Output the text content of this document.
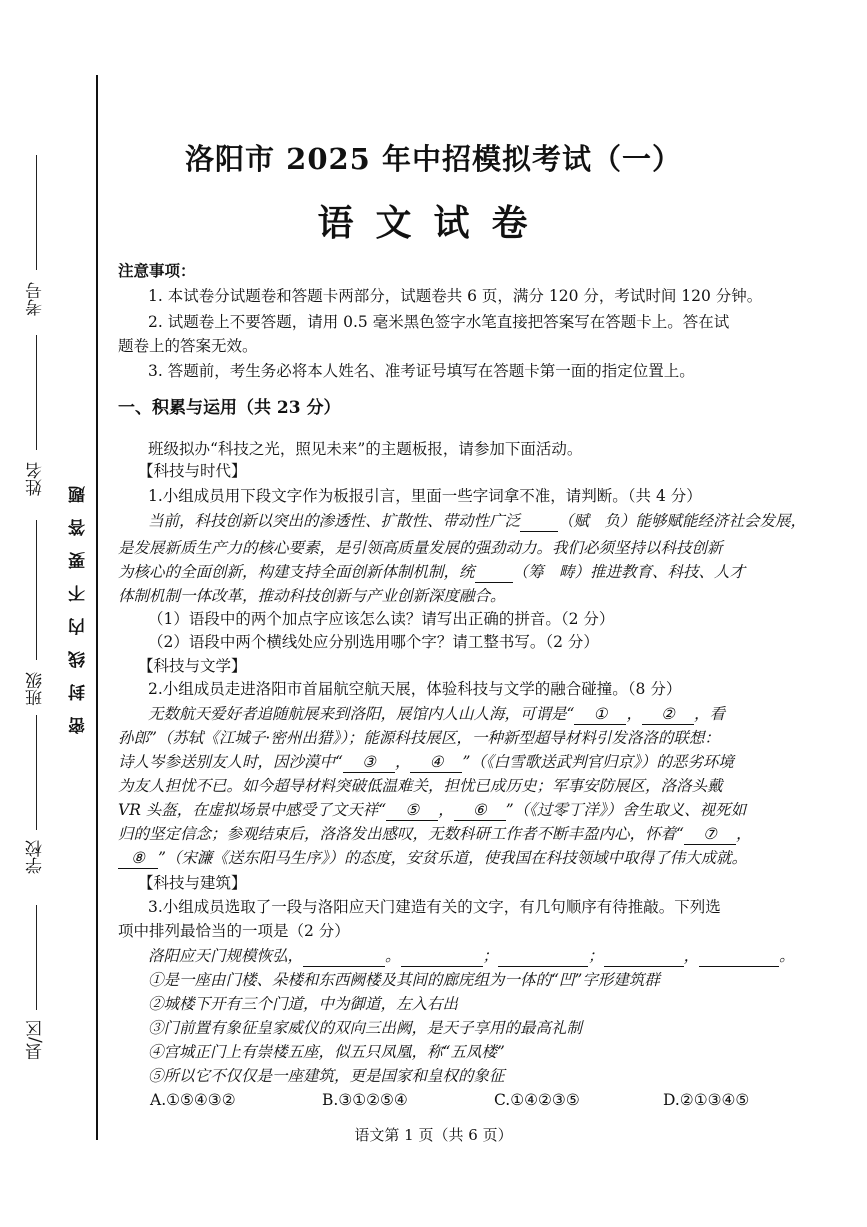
考号
姓名
班级
学校
县/区
密封线内不要答题
洛阳市 2025 年中招模拟考试（一）
语文试卷
注意事项：
1. 本试卷分试题卷和答题卡两部分，试题卷共 6 页，满分 120 分，考试时间 120 分钟。
2. 试题卷上不要答题，请用 0.5 毫米黑色签字水笔直接把答案写在答题卡上。答在试
题卷上的答案无效。
3. 答题前，考生务必将本人姓名、准考证号填写在答题卡第一面的指定位置上。
一、积累与运用（共 23 分）
班级拟办“科技之光，照见未来”的主题板报，请参加下面活动。
【科技与时代】
1.小组成员用下段文字作为板报引言，里面一些字词拿不准，请判断。（共 4 分）
当前，科技创新以突出的渗透性、扩散性、带动性广泛 （赋　负）能够赋能经济社会发展，
是发展新质生产力的核心要素，是引领高质量发展的强劲动力。我们必须坚持以科技创新
为核心的全面创新，构建支持全面创新体制机制，统 （筹　畴）推进教育、科技、人才
体制机制一体改革，推动科技创新与产业创新深度融合。
（1）语段中的两个加点字应该怎么读？请写出正确的拼音。（2 分）
（2）语段中两个横线处应分别选用哪个字？请工整书写。（2 分）
【科技与文学】
2.小组成员走进洛阳市首届航空航天展，体验科技与文学的融合碰撞。（8 分）
无数航天爱好者追随航展来到洛阳，展馆内人山人海，可谓是“ ① ， ② ，看
孙郎”（苏轼《江城子·密州出猎》）；能源科技展区，一种新型超导材料引发洛洛的联想：
诗人岑参送别友人时，因沙漠中“ ③ ， ④ ”（《白雪歌送武判官归京》）的恶劣环境
为友人担忧不已。如今超导材料突破低温难关，担忧已成历史；军事安防展区，洛洛头戴
VR 头盔，在虚拟场景中感受了文天祥“ ⑤ ， ⑥ ”（《过零丁洋》）舍生取义、视死如
归的坚定信念；参观结束后，洛洛发出感叹，无数科研工作者不断丰盈内心，怀着“ ⑦ ，
⑧ ”（宋濂《送东阳马生序》）的态度，安贫乐道，使我国在科技领域中取得了伟大成就。
【科技与建筑】
3.小组成员选取了一段与洛阳应天门建造有关的文字，有几句顺序有待推敲。下列选
项中排列最恰当的一项是（2 分）
洛阳应天门规模恢弘，	。	；	；	，	。
①是一座由门楼、朵楼和东西阙楼及其间的廊庑组为一体的“凹”字形建筑群
②城楼下开有三个门道，中为御道，左入右出
③门前置有象征皇家威仪的双向三出阙，是天子享用的最高礼制
④宫城正门上有崇楼五座，似五只凤凰，称“五凤楼”
⑤所以它不仅仅是一座建筑，更是国家和皇权的象征
A.①⑤④③②	B.③①②⑤④	C.①④②③⑤	D.②①③④⑤
语文第 1 页（共 6 页）
